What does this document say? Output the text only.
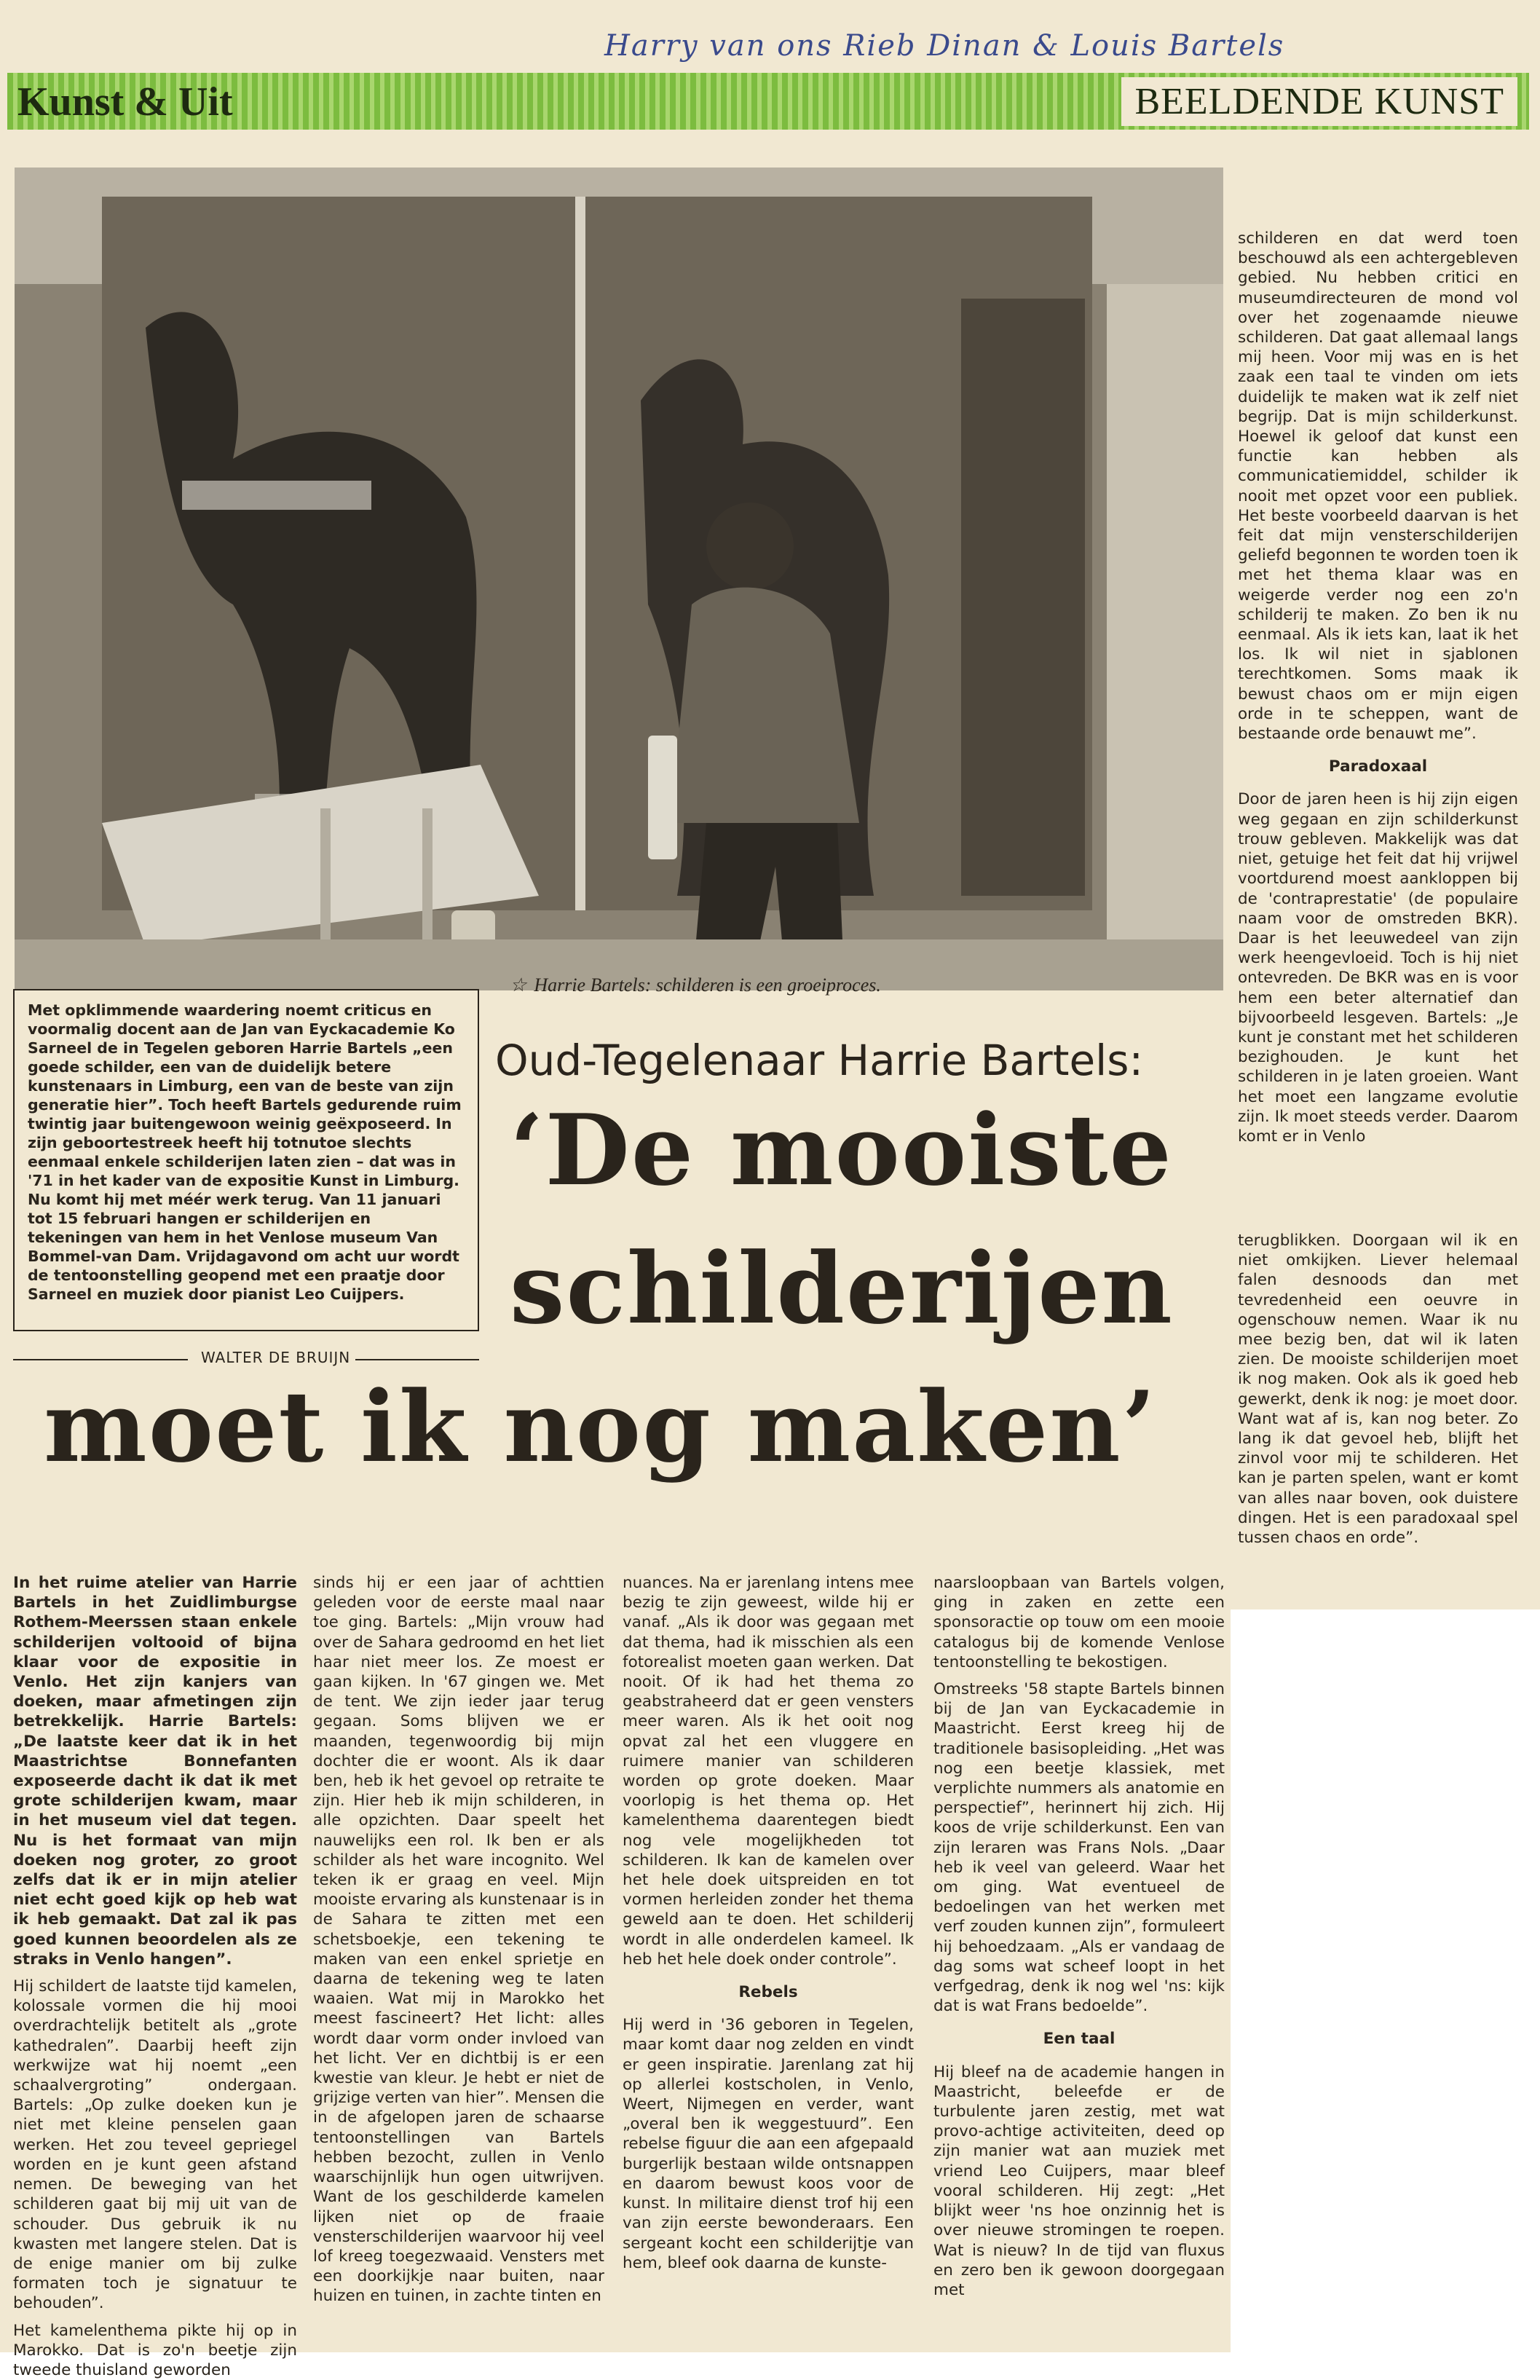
Harry van ons Rieb Dinan & Louis Bartels
Kunst & Uit	BEELDENDE KUNST
☆ Harrie Bartels: schilderen is een groeiproces.
Met opklimmende waardering noemt criticus en voormalig docent aan de Jan van Eyckacademie Ko Sarneel de in Tegelen geboren Harrie Bartels „een goede schilder, een van de duidelijk betere kunstenaars in Limburg, een van de beste van zijn generatie hier”. Toch heeft Bartels gedurende ruim twintig jaar buitengewoon weinig geëxposeerd. In zijn geboortestreek heeft hij totnutoe slechts eenmaal enkele schilderijen laten zien – dat was in '71 in het kader van de expositie Kunst in Limburg. Nu komt hij met méér werk terug. Van 11 januari tot 15 februari hangen er schilderijen en tekeningen van hem in het Venlose museum Van Bommel-van Dam. Vrijdagavond om acht uur wordt de tentoonstelling geopend met een praatje door Sarneel en muziek door pianist Leo Cuijpers.
Oud-Tegelenaar Harrie Bartels:
‘De mooiste
schilderijen
moet ik nog maken’
WALTER DE BRUIJN

schilderen en dat werd toen beschouwd als een achtergebleven gebied. Nu hebben critici en museumdirecteuren de mond vol over het zogenaamde nieuwe schilderen. Dat gaat allemaal langs mij heen. Voor mij was en is het zaak een taal te vinden om iets duidelijk te maken wat ik zelf niet begrijp. Dat is mijn schilderkunst. Hoewel ik geloof dat kunst een functie kan hebben als communicatiemiddel, schilder ik nooit met opzet voor een publiek. Het beste voorbeeld daarvan is het feit dat mijn vensterschilderijen geliefd begonnen te worden toen ik met het thema klaar was en weigerde verder nog een zo'n schilderij te maken. Zo ben ik nu eenmaal. Als ik iets kan, laat ik het los. Ik wil niet in sjablonen terechtkomen. Soms maak ik bewust chaos om er mijn eigen orde in te scheppen, want de bestaande orde benauwt me”.

Paradoxaal

Door de jaren heen is hij zijn eigen weg gegaan en zijn schilderkunst trouw gebleven. Makkelijk was dat niet, getuige het feit dat hij vrijwel voortdurend moest aankloppen bij de 'contraprestatie' (de populaire naam voor de omstreden BKR). Daar is het leeuwedeel van zijn werk heengevloeid. Toch is hij niet ontevreden. De BKR was en is voor hem een beter alternatief dan bijvoorbeeld lesgeven. Bartels: „Je kunt je constant met het schilderen bezighouden. Je kunt het schilderen in je laten groeien. Want het moet een langzame evolutie zijn. Ik moet steeds verder. Daarom komt er in Venlo

terugblikken. Doorgaan wil ik en niet omkijken. Liever helemaal falen desnoods dan met tevredenheid een oeuvre in ogenschouw nemen. Waar ik nu mee bezig ben, dat wil ik laten zien. De mooiste schilderijen moet ik nog maken. Ook als ik goed heb gewerkt, denk ik nog: je moet door. Want wat af is, kan nog beter. Zo lang ik dat gevoel heb, blijft het zinvol voor mij te schilderen. Het kan je parten spelen, want er komt van alles naar boven, ook duistere dingen. Het is een paradoxaal spel tussen chaos en orde”.

In het ruime atelier van Harrie Bartels in het Zuidlimburgse Rothem-Meerssen staan enkele schilderijen voltooid of bijna klaar voor de expositie in Venlo. Het zijn kanjers van doeken, maar afmetingen zijn betrekkelijk. Harrie Bartels: „De laatste keer dat ik in het Maastrichtse Bonnefanten exposeerde dacht ik dat ik met grote schilderijen kwam, maar in het museum viel dat tegen. Nu is het formaat van mijn doeken nog groter, zo groot zelfs dat ik er in mijn atelier niet echt goed kijk op heb wat ik heb gemaakt. Dat zal ik pas goed kunnen beoordelen als ze straks in Venlo hangen”.

Hij schildert de laatste tijd kamelen, kolossale vormen die hij mooi overdrachtelijk betitelt als „grote kathedralen”. Daarbij heeft zijn werkwijze wat hij noemt „een schaalvergroting” ondergaan. Bartels: „Op zulke doeken kun je niet met kleine penselen gaan werken. Het zou teveel gepriegel worden en je kunt geen afstand nemen. De beweging van het schilderen gaat bij mij uit van de schouder. Dus gebruik ik nu kwasten met langere stelen. Dat is de enige manier om bij zulke formaten toch je signatuur te behouden”.

Het kamelenthema pikte hij op in Marokko. Dat is zo'n beetje zijn tweede thuisland geworden

sinds hij er een jaar of achttien geleden voor de eerste maal naar toe ging. Bartels: „Mijn vrouw had over de Sahara gedroomd en het liet haar niet meer los. Ze moest er gaan kijken. In '67 gingen we. Met de tent. We zijn ieder jaar terug gegaan. Soms blijven we er maanden, tegenwoordig bij mijn dochter die er woont. Als ik daar ben, heb ik het gevoel op retraite te zijn. Hier heb ik mijn schilderen, in alle opzichten. Daar speelt het nauwelijks een rol. Ik ben er als schilder als het ware incognito. Wel teken ik er graag en veel. Mijn mooiste ervaring als kunstenaar is in de Sahara te zitten met een schetsboekje, een tekening te maken van een enkel sprietje en daarna de tekening weg te laten waaien. Wat mij in Marokko het meest fascineert? Het licht: alles wordt daar vorm onder invloed van het licht. Ver en dichtbij is er een kwestie van kleur. Je hebt er niet de grijzige verten van hier”. Mensen die in de afgelopen jaren de schaarse tentoonstellingen van Bartels hebben bezocht, zullen in Venlo waarschijnlijk hun ogen uitwrijven. Want de los geschilderde kamelen lijken niet op de fraaie vensterschilderijen waarvoor hij veel lof kreeg toegezwaaid. Vensters met een doorkijkje naar buiten, naar huizen en tuinen, in zachte tinten en

nuances. Na er jarenlang intens mee bezig te zijn geweest, wilde hij er vanaf. „Als ik door was gegaan met dat thema, had ik misschien als een fotorealist moeten gaan werken. Dat nooit. Of ik had het thema zo geabstraheerd dat er geen vensters meer waren. Als ik het ooit nog opvat zal het een vluggere en ruimere manier van schilderen worden op grote doeken. Maar voorlopig is het thema op. Het kamelenthema daarentegen biedt nog vele mogelijkheden tot schilderen. Ik kan de kamelen over het hele doek uitspreiden en tot vormen herleiden zonder het thema geweld aan te doen. Het schilderij wordt in alle onderdelen kameel. Ik heb het hele doek onder controle”.

Rebels

Hij werd in '36 geboren in Tegelen, maar komt daar nog zelden en vindt er geen inspiratie. Jarenlang zat hij op allerlei kostscholen, in Venlo, Weert, Nijmegen en verder, want „overal ben ik weggestuurd”. Een rebelse figuur die aan een afgepaald burgerlijk bestaan wilde ontsnappen en daarom bewust koos voor de kunst. In militaire dienst trof hij een van zijn eerste bewonderaars. Een sergeant kocht een schilderijtje van hem, bleef ook daarna de kunste-

naarsloopbaan van Bartels volgen, ging in zaken en zette een sponsoractie op touw om een mooie catalogus bij de komende Venlose tentoonstelling te bekostigen.

Omstreeks '58 stapte Bartels binnen bij de Jan van Eyckacademie in Maastricht. Eerst kreeg hij de traditionele basisopleiding. „Het was nog een beetje klassiek, met verplichte nummers als anatomie en perspectief”, herinnert hij zich. Hij koos de vrije schilderkunst. Een van zijn leraren was Frans Nols. „Daar heb ik veel van geleerd. Waar het om ging. Wat eventueel de bedoelingen van het werken met verf zouden kunnen zijn”, formuleert hij behoedzaam. „Als er vandaag de dag soms wat scheef loopt in het verfgedrag, denk ik nog wel 'ns: kijk dat is wat Frans bedoelde”.

Een taal

Hij bleef na de academie hangen in Maastricht, beleefde er de turbulente jaren zestig, met wat provo-achtige activiteiten, deed op zijn manier wat aan muziek met vriend Leo Cuijpers, maar bleef vooral schilderen. Hij zegt: „Het blijkt weer 'ns hoe onzinnig het is over nieuwe stromingen te roepen. Wat is nieuw? In de tijd van fluxus en zero ben ik gewoon doorgegaan met
